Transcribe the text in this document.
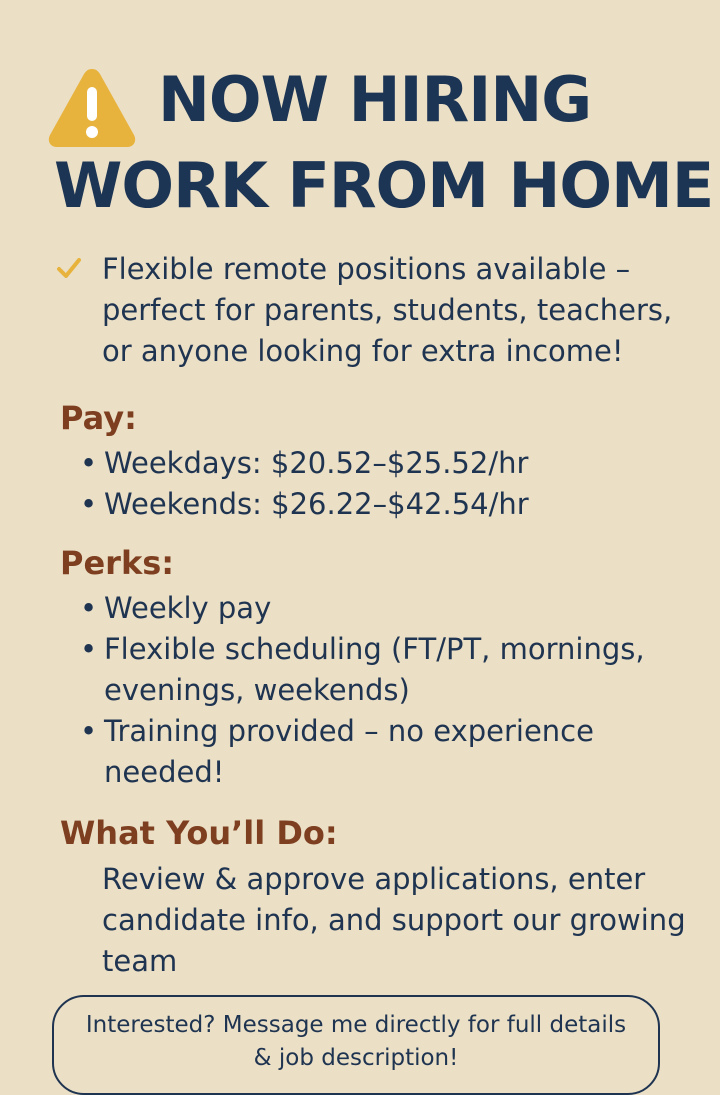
NOW HIRING
WORK FROM HOME
Flexible remote positions available – perfect for parents, students, teachers, or anyone looking for extra income!
Pay:
• Weekdays: $20.52–$25.52/hr
• Weekends: $26.22–$42.54/hr
Perks:
• Weekly pay
• Flexible scheduling (FT/PT, mornings, evenings, weekends)
• Training provided – no experience needed!
What You’ll Do:
Review & approve applications, enter candidate info, and support our growing team
Interested? Message me directly for full details & job description!
